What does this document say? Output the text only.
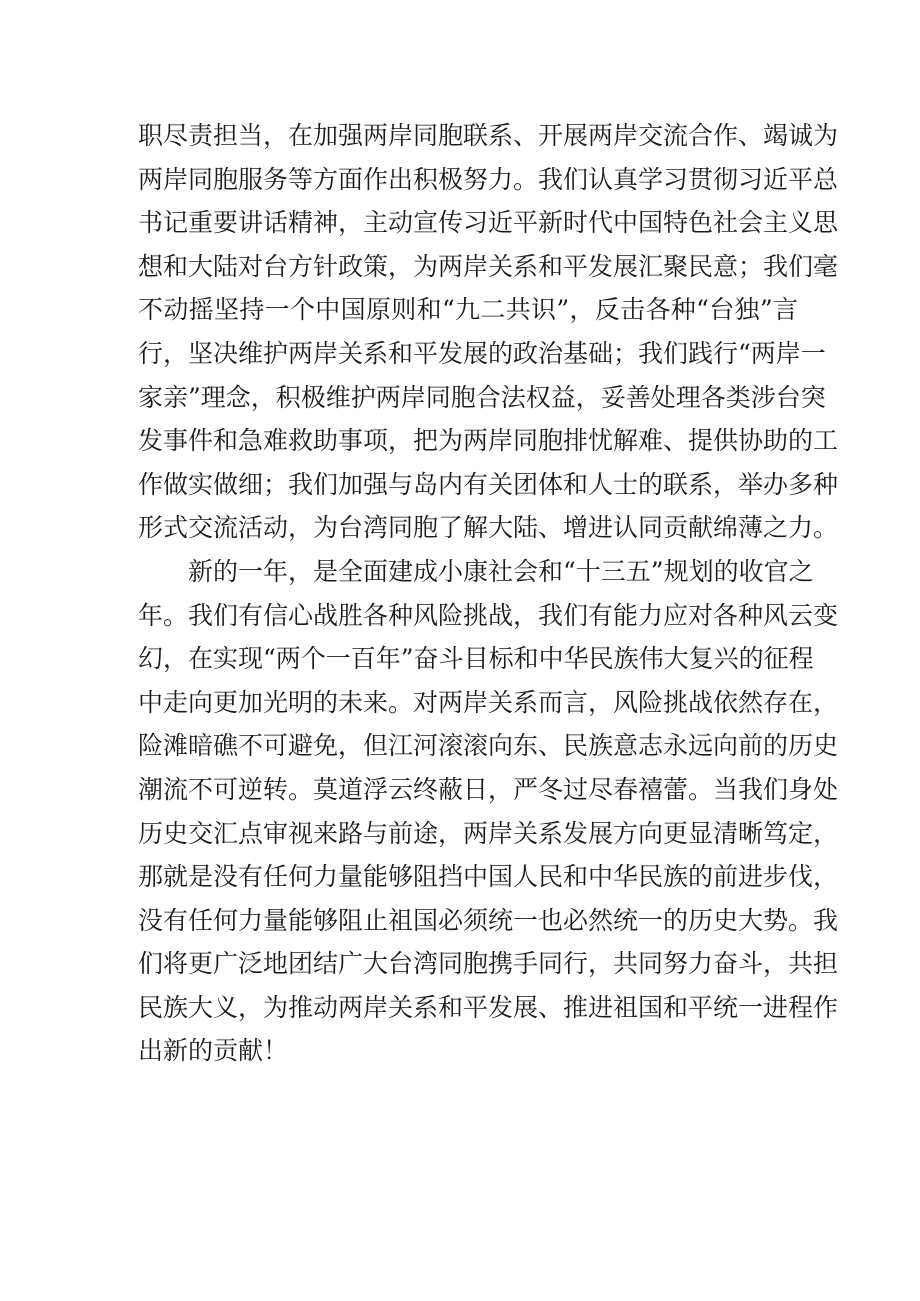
职尽责担当，在加强两岸同胞联系、开展两岸交流合作、竭诚为
两岸同胞服务等方面作出积极努力。我们认真学习贯彻习近平总
书记重要讲话精神，主动宣传习近平新时代中国特色社会主义思
想和大陆对台方针政策，为两岸关系和平发展汇聚民意；我们毫
不动摇坚持一个中国原则和“九二共识”，反击各种“台独”言
行，坚决维护两岸关系和平发展的政治基础；我们践行“两岸一
家亲”理念，积极维护两岸同胞合法权益，妥善处理各类涉台突
发事件和急难救助事项，把为两岸同胞排忧解难、提供协助的工
作做实做细；我们加强与岛内有关团体和人士的联系，举办多种
形式交流活动，为台湾同胞了解大陆、增进认同贡献绵薄之力。
新的一年，是全面建成小康社会和“十三五”规划的收官之
年。我们有信心战胜各种风险挑战，我们有能力应对各种风云变
幻，在实现“两个一百年”奋斗目标和中华民族伟大复兴的征程
中走向更加光明的未来。对两岸关系而言，风险挑战依然存在，
险滩暗礁不可避免，但江河滚滚向东、民族意志永远向前的历史
潮流不可逆转。莫道浮云终蔽日，严冬过尽春禧蕾。当我们身处
历史交汇点审视来路与前途，两岸关系发展方向更显清晰笃定，
那就是没有任何力量能够阻挡中国人民和中华民族的前进步伐，
没有任何力量能够阻止祖国必须统一也必然统一的历史大势。我
们将更广泛地团结广大台湾同胞携手同行，共同努力奋斗，共担
民族大义，为推动两岸关系和平发展、推进祖国和平统一进程作
出新的贡献！
